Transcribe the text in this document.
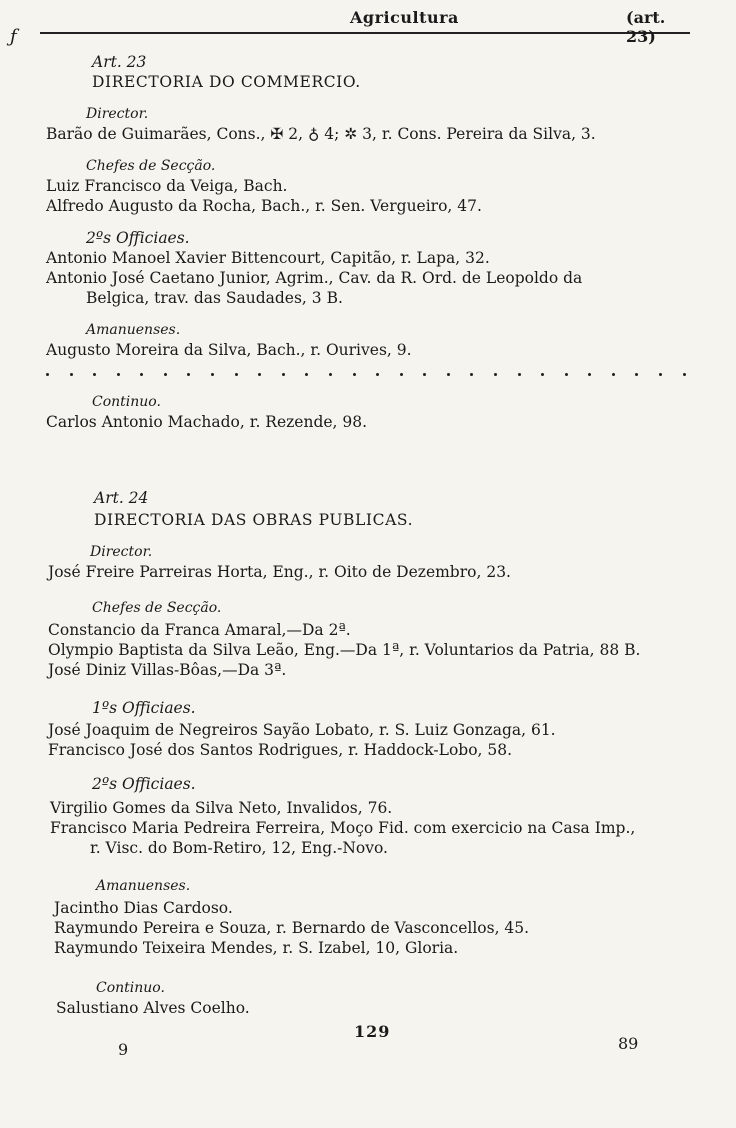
Agricultura	(art. 23)
ƒ
Art. 23
DIRECTORIA DO COMMERCIO.
Director.
Barão de Guimarães, Cons., ✠ 2, ♁ 4; ✲ 3, r. Cons. Pereira da Silva, 3.
Chefes de Secção.
Luiz Francisco da Veiga, Bach.
Alfredo Augusto da Rocha, Bach., r. Sen. Vergueiro, 47.
2ºs Officiaes.
Antonio Manoel Xavier Bittencourt, Capitão, r. Lapa, 32.
Antonio José Caetano Junior, Agrim., Cav. da R. Ord. de Leopoldo da
Belgica, trav. das Saudades, 3 B.
Amanuenses.
Augusto Moreira da Silva, Bach., r. Ourives, 9.
Continuo.
Carlos Antonio Machado, r. Rezende, 98.
Art. 24
DIRECTORIA DAS OBRAS PUBLICAS.
Director.
José Freire Parreiras Horta, Eng., r. Oito de Dezembro, 23.
Chefes de Secção.
Constancio da Franca Amaral,—Da 2ª.
Olympio Baptista da Silva Leão, Eng.—Da 1ª, r. Voluntarios da Patria, 88 B.
José Diniz Villas-Bôas,—Da 3ª.
1ºs Officiaes.
José Joaquim de Negreiros Sayão Lobato, r. S. Luiz Gonzaga, 61.
Francisco José dos Santos Rodrigues, r. Haddock-Lobo, 58.
2ºs Officiaes.
Virgilio Gomes da Silva Neto, Invalidos, 76.
Francisco Maria Pedreira Ferreira, Moço Fid. com exercicio na Casa Imp.,
r. Visc. do Bom-Retiro, 12, Eng.-Novo.
Amanuenses.
Jacintho Dias Cardoso.
Raymundo Pereira e Souza, r. Bernardo de Vasconcellos, 45.
Raymundo Teixeira Mendes, r. S. Izabel, 10, Gloria.
Continuo.
Salustiano Alves Coelho.
9
129
89
